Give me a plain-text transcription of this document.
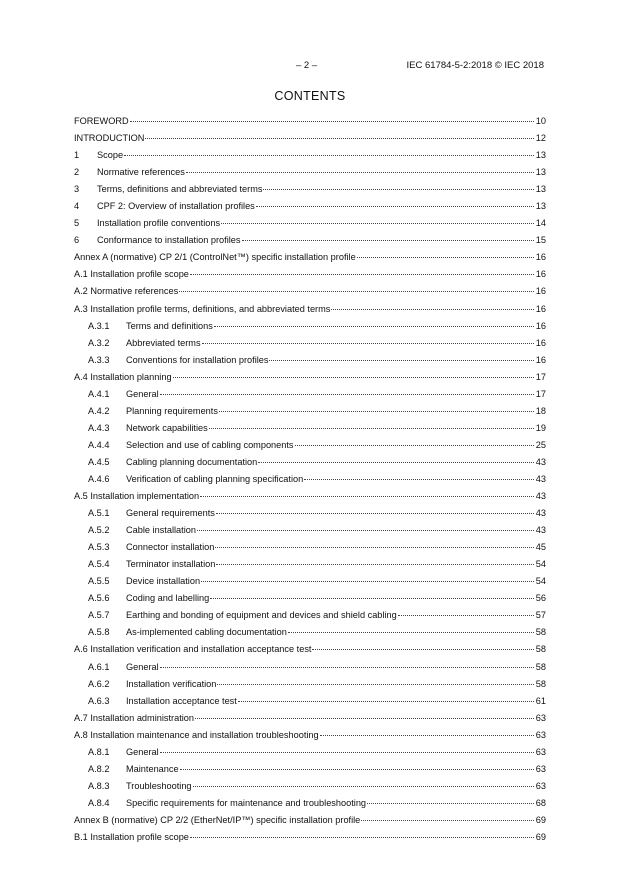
– 2 –	IEC 61784-5-2:2018 © IEC 2018
CONTENTS
FOREWORD	10
INTRODUCTION	12
1	Scope	13
2	Normative references	13
3	Terms, definitions and abbreviated terms	13
4	CPF 2: Overview of installation profiles	13
5	Installation profile conventions	14
6	Conformance to installation profiles	15
Annex A (normative) CP 2/1 (ControlNet™) specific installation profile	16
A.1 Installation profile scope	16
A.2 Normative references	16
A.3 Installation profile terms, definitions, and abbreviated terms	16
A.3.1	Terms and definitions	16
A.3.2	Abbreviated terms	16
A.3.3	Conventions for installation profiles	16
A.4 Installation planning	17
A.4.1	General	17
A.4.2	Planning requirements	18
A.4.3	Network capabilities	19
A.4.4	Selection and use of cabling components	25
A.4.5	Cabling planning documentation	43
A.4.6	Verification of cabling planning specification	43
A.5 Installation implementation	43
A.5.1	General requirements	43
A.5.2	Cable installation	43
A.5.3	Connector installation	45
A.5.4	Terminator installation	54
A.5.5	Device installation	54
A.5.6	Coding and labelling	56
A.5.7	Earthing and bonding of equipment and devices and shield cabling	57
A.5.8	As-implemented cabling documentation	58
A.6 Installation verification and installation acceptance test	58
A.6.1	General	58
A.6.2	Installation verification	58
A.6.3	Installation acceptance test	61
A.7 Installation administration	63
A.8 Installation maintenance and installation troubleshooting	63
A.8.1	General	63
A.8.2	Maintenance	63
A.8.3	Troubleshooting	63
A.8.4	Specific requirements for maintenance and troubleshooting	68
Annex B (normative) CP 2/2 (EtherNet/IP™) specific installation profile	69
B.1 Installation profile scope	69
